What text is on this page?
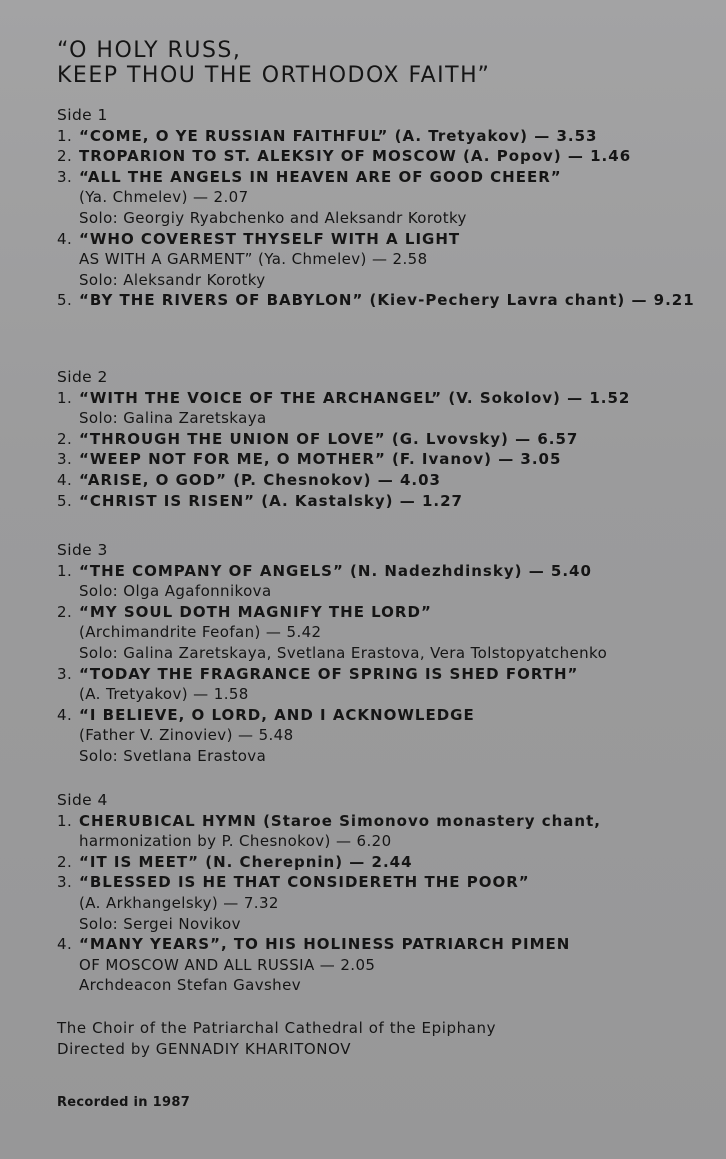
“O HOLY RUSS,
KEEP THOU THE ORTHODOX FAITH”
Side 1
1. “COME, O YE RUSSIAN FAITHFUL” (A. Tretyakov) — 3.53
2. TROPARION TO ST. ALEKSIY OF MOSCOW (A. Popov) — 1.46
3. “ALL THE ANGELS IN HEAVEN ARE OF GOOD CHEER”
(Ya. Chmelev) — 2.07
Solo: Georgiy Ryabchenko and Aleksandr Korotky
4. “WHO COVEREST THYSELF WITH A LIGHT
AS WITH A GARMENT” (Ya. Chmelev) — 2.58
Solo: Aleksandr Korotky
5. “BY THE RIVERS OF BABYLON” (Kiev-Pechery Lavra chant) — 9.21
Side 2
1. “WITH THE VOICE OF THE ARCHANGEL” (V. Sokolov) — 1.52
Solo: Galina Zaretskaya
2. “THROUGH THE UNION OF LOVE” (G. Lvovsky) — 6.57
3. “WEEP NOT FOR ME, O MOTHER” (F. Ivanov) — 3.05
4. “ARISE, O GOD” (P. Chesnokov) — 4.03
5. “CHRIST IS RISEN” (A. Kastalsky) — 1.27
Side 3
1. “THE COMPANY OF ANGELS” (N. Nadezhdinsky) — 5.40
Solo: Olga Agafonnikova
2. “MY SOUL DOTH MAGNIFY THE LORD”
(Archimandrite Feofan) — 5.42
Solo: Galina Zaretskaya, Svetlana Erastova, Vera Tolstopyatchenko
3. “TODAY THE FRAGRANCE OF SPRING IS SHED FORTH”
(A. Tretyakov) — 1.58
4. “I BELIEVE, O LORD, AND I ACKNOWLEDGE
(Father V. Zinoviev) — 5.48
Solo: Svetlana Erastova
Side 4
1. CHERUBICAL HYMN (Staroe Simonovo monastery chant,
harmonization by P. Chesnokov) — 6.20
2. “IT IS MEET” (N. Cherepnin) — 2.44
3. “BLESSED IS HE THAT CONSIDERETH THE POOR”
(A. Arkhangelsky) — 7.32
Solo: Sergei Novikov
4. “MANY YEARS”, TO HIS HOLINESS PATRIARCH PIMEN
OF MOSCOW AND ALL RUSSIA — 2.05
Archdeacon Stefan Gavshev
The Choir of the Patriarchal Cathedral of the Epiphany
Directed by GENNADIY KHARITONOV
Recorded in 1987
